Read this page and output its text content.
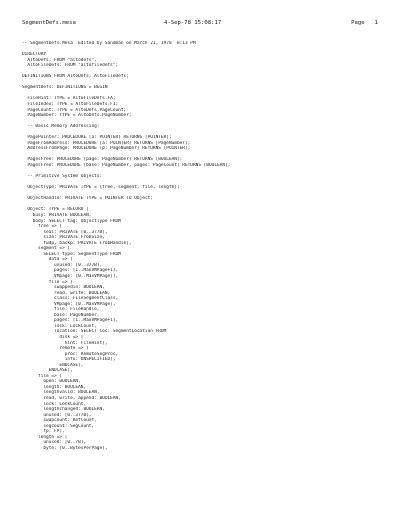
SegmentDefs.mesa	4-Sep-78 15:08:17	Page 1
-- SegmentDefs.Mesa  Edited by Sandman on March 21, 1978  8:13 PM
DIRECTORY
AltoDefs: FROM "altodefs",
AltoFileDefs: FROM "altofiledefs";
DEFINITIONS FROM AltoDefs, AltoFileDefs;
SegmentDefs: DEFINITIONS = BEGIN
FileHint: TYPE = AltoFileDefs.FA;
FileIndex: TYPE = AltoFileDefs.FI;
PageCount: TYPE = AltoDefs.PageCount;
PageNumber: TYPE = AltoDefs.PageNumber;
-- Basic Memory Addressing:
PagePointer: PROCEDURE [a: POINTER] RETURNS [POINTER];
PageFromAddress: PROCEDURE [a: POINTER] RETURNS [PageNumber];
AddressFromPage: PROCEDURE [p: PageNumber] RETURNS [POINTER];
PagesFree: PROCEDURE [page: PageNumber] RETURNS [BOOLEAN];
PagesFree: PROCEDURE [base: PageNumber, pages: PageCount] RETURNS [BOOLEAN];
-- Primitive System Objects:
ObjectType: PRIVATE TYPE = {free, segment, file, length};
ObjectHandle: PRIVATE TYPE = POINTER TO Object;
Object: TYPE = RECORD [
busy: PRIVATE BOOLEAN,
body: SELECT tag: ObjectType FROM
free => [
seal: PRIVATE [0..377B],
size: PRIVATE FrobSize,
fwdp, backp: PRIVATE FrobHandle],
segment => [
SELECT type: SegmentType FROM
data => [
unused: [0..377B],
pages: [1..MaxVMPage+1],
VMpage: [0..MaxVMPage]],
file => [
swappedin: BOOLEAN,
read, write: BOOLEAN,
class: FileSegmentClass,
VMpage: [0..MaxVMPage],
file: FileHandle,
base: PageNumber,
pages: [1..MaxVMPage+1],
lock: LockCount,
location: SELECT loc: SegmentLocation FROM
disk => [
hint: FileHint],
remote => [
proc: RemoteSegProc,
info: UNSPECIFIED],
ENDCASE],
ENDCASE],
file => [
open: BOOLEAN,
length: BOOLEAN,
lengthvalid: BOOLEAN,
read, write, append: BOOLEAN,
lock: LockCount,
lengthchanged: BOOLEAN,
unused: [0..377B],
swapcount: RefCount,
segcount: SegCount,
fp: FP],
length => [
unused: [0..7B],
byte: [0..BytesPerPage],
